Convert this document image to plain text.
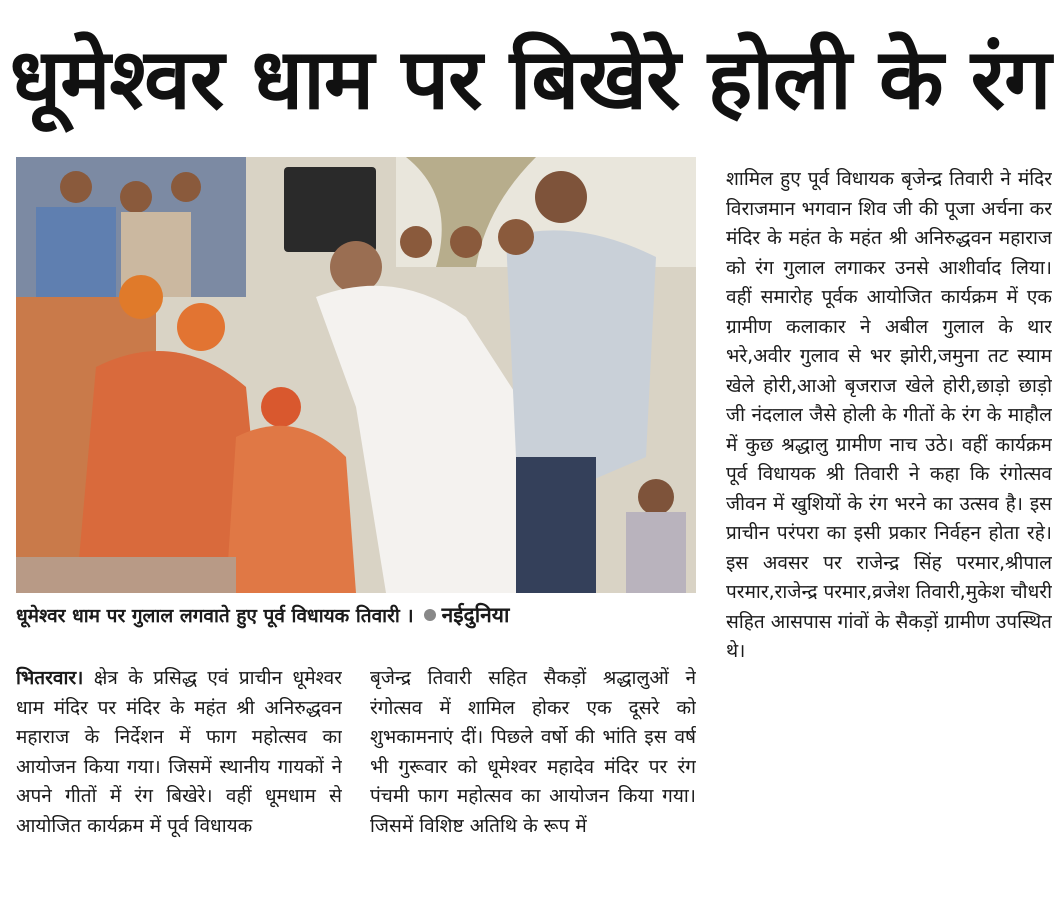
धूमेश्वर धाम पर बिखेरे होली के रंग
धूमेश्वर धाम पर गुलाल लगवाते हुए पूर्व विधायक तिवारी । नईदुनिया
भितरवार। क्षेत्र के प्रसिद्ध एवं प्राचीन धूमेश्वर धाम मंदिर पर मंदिर के महंत श्री अनिरुद्धवन महाराज के निर्देशन में फाग महोत्सव का आयोजन किया गया। जिसमें स्थानीय गायकों ने अपने गीतों में रंग बिखेरे। वहीं धूमधाम से आयोजित कार्यक्रम में पूर्व विधायक
बृजेन्द्र तिवारी सहित सैकड़ों श्रद्धालुओं ने रंगोत्सव में शामिल होकर एक दूसरे को शुभकामनाएं दीं। पिछले वर्षो की भांति इस वर्ष भी गुरूवार को धूमेश्वर महादेव मंदिर पर रंग पंचमी फाग महोत्सव का आयोजन किया गया। जिसमें विशिष्ट अतिथि के रूप में
शामिल हुए पूर्व विधायक बृजेन्द्र तिवारी ने मंदिर विराजमान भगवान शिव जी की पूजा अर्चना कर मंदिर के महंत के महंत श्री अनिरुद्धवन महाराज को रंग गुलाल लगाकर उनसे आशीर्वाद लिया। वहीं समारोह पूर्वक आयोजित कार्यक्रम में एक ग्रामीण कलाकार ने अबील गुलाल के थार भरे,अवीर गुलाव से भर झोरी,जमुना तट स्याम खेले होरी,आओ बृजराज खेले होरी,छाड़ो छाड़ो जी नंदलाल जैसे होली के गीतों के रंग के माहौल में कुछ श्रद्धालु ग्रामीण नाच उठे। वहीं कार्यक्रम पूर्व विधायक श्री तिवारी ने कहा कि रंगोत्सव जीवन में खुशियों के रंग भरने का उत्सव है। इस प्राचीन परंपरा का इसी प्रकार निर्वहन होता रहे। इस अवसर पर राजेन्द्र सिंह परमार,श्रीपाल परमार,राजेन्द्र परमार,व्रजेश तिवारी,मुकेश चौधरी सहित आसपास गांवों के सैकड़ों ग्रामीण उपस्थित थे।
